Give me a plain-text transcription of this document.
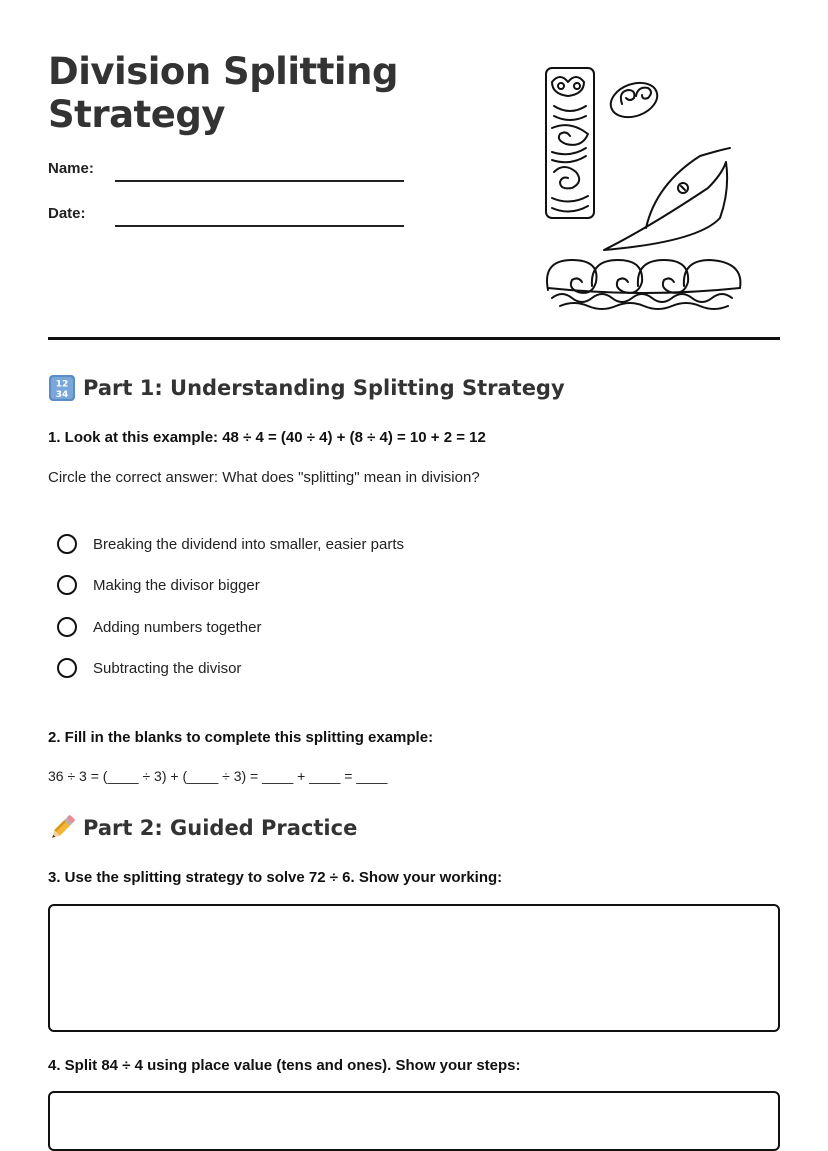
Division Splitting Strategy
Name:
Date:
12
34 Part 1: Understanding Splitting Strategy
1. Look at this example: 48 ÷ 4 = (40 ÷ 4) + (8 ÷ 4) = 10 + 2 = 12
Circle the correct answer: What does "splitting" mean in division?
Breaking the dividend into smaller, easier parts
Making the divisor bigger
Adding numbers together
Subtracting the divisor
2. Fill in the blanks to complete this splitting example:
36 ÷ 3 = (____ ÷ 3) + (____ ÷ 3) = ____ + ____ = ____
Part 2: Guided Practice
3. Use the splitting strategy to solve 72 ÷ 6. Show your working:
4. Split 84 ÷ 4 using place value (tens and ones). Show your steps:
